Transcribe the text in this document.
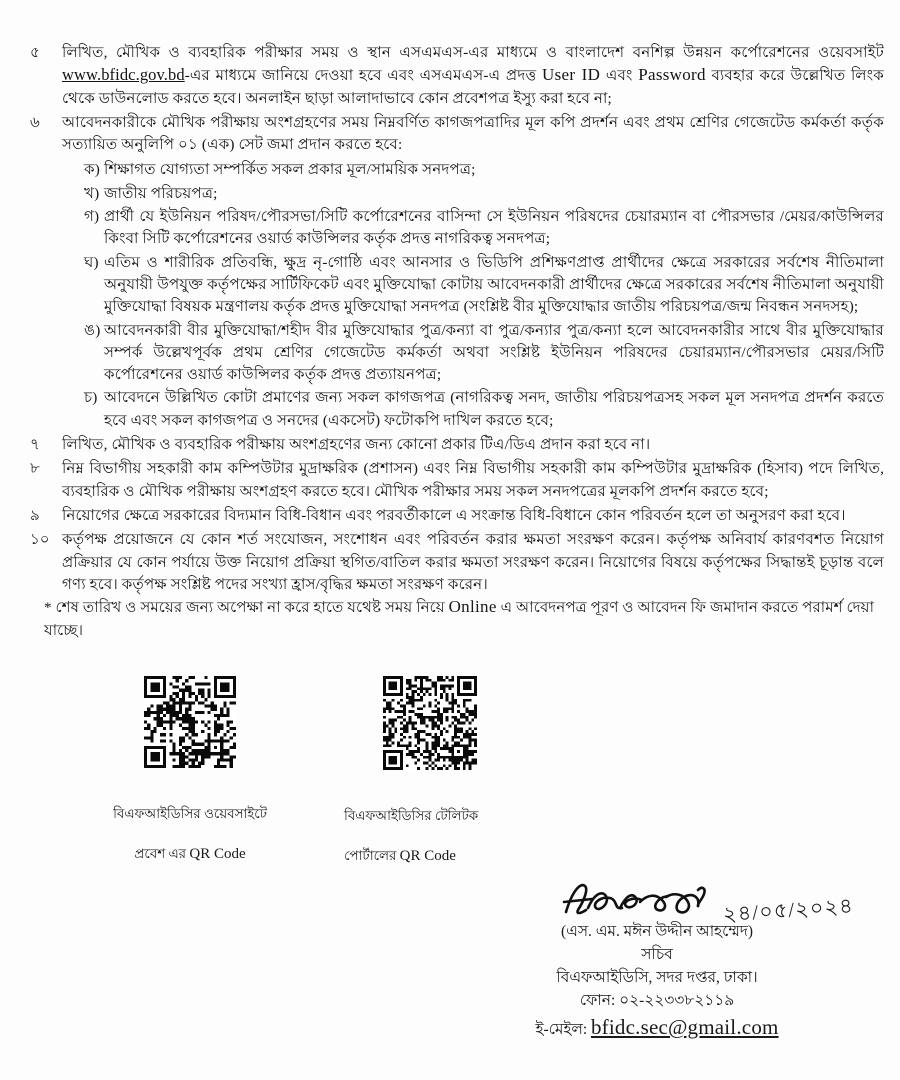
৫	লিখিত, মৌখিক ও ব্যবহারিক পরীক্ষার সময় ও স্থান এসএমএস-এর মাধ্যমে ও বাংলাদেশ বনশিল্প উন্নয়ন কর্পোরেশনের ওয়েবসাইট www.bfidc.gov.bd-এর মাধ্যমে জানিয়ে দেওয়া হবে এবং এসএমএস-এ প্রদত্ত User ID এবং Password ব্যবহার করে উল্লেখিত লিংক থেকে ডাউনলোড করতে হবে। অনলাইন ছাড়া আলাদাভাবে কোন প্রবেশপত্র ইস্যু করা হবে না;
৬	আবেদনকারীকে মৌখিক পরীক্ষায় অংশগ্রহণের সময় নিম্নবর্ণিত কাগজপত্রাদির মূল কপি প্রদর্শন এবং প্রথম শ্রেণির গেজেটেড কর্মকর্তা কর্তৃক সত্যায়িত অনুলিপি ০১ (এক) সেট জমা প্রদান করতে হবে:
ক) শিক্ষাগত যোগ্যতা সম্পর্কিত সকল প্রকার মূল/সাময়িক সনদপত্র;
খ) জাতীয় পরিচয়পত্র;
গ) প্রার্থী যে ইউনিয়ন পরিষদ/পৌরসভা/সিটি কর্পোরেশনের বাসিন্দা সে ইউনিয়ন পরিষদের চেয়ারম্যান বা পৌরসভার /মেয়র/কাউন্সিলর কিংবা সিটি কর্পোরেশনের ওয়ার্ড কাউন্সিলর কর্তৃক প্রদত্ত নাগরিকত্ব সনদপত্র;
ঘ) এতিম ও শারীরিক প্রতিবন্ধি, ক্ষুদ্র নৃ-গোষ্ঠি এবং আনসার ও ভিডিপি প্রশিক্ষণপ্রাপ্ত প্রার্থীদের ক্ষেত্রে সরকারের সর্বশেষ নীতিমালা অনুযায়ী উপযুক্ত কর্তৃপক্ষের সার্টিফিকেট এবং মুক্তিযোদ্ধা কোটায় আবেদনকারী প্রার্থীদের ক্ষেত্রে সরকারের সর্বশেষ নীতিমালা অনুযায়ী মুক্তিযোদ্ধা বিষয়ক মন্ত্রণালয় কর্তৃক প্রদত্ত মুক্তিযোদ্ধা সনদপত্র (সংশ্লিষ্ট বীর মুক্তিযোদ্ধার জাতীয় পরিচয়পত্র/জন্ম নিবন্ধন সনদসহ);
ঙ) আবেদনকারী বীর মুক্তিযোদ্ধা/শহীদ বীর মুক্তিযোদ্ধার পুত্র/কন্যা বা পুত্র/কন্যার পুত্র/কন্যা হলে আবেদনকারীর সাথে বীর মুক্তিযোদ্ধার সম্পর্ক উল্লেখপূর্বক প্রথম শ্রেণির গেজেটেড কর্মকর্তা অথবা সংশ্লিষ্ট ইউনিয়ন পরিষদের চেয়ারম্যান/পৌরসভার মেয়র/সিটি কর্পোরেশনের ওয়ার্ড কাউন্সিলর কর্তৃক প্রদত্ত প্রত্যায়নপত্র;
চ) আবেদনে উল্লিখিত কোটা প্রমাণের জন্য সকল কাগজপত্র (নাগরিকত্ব সনদ, জাতীয় পরিচয়পত্রসহ সকল মূল সনদপত্র প্রদর্শন করতে হবে এবং সকল কাগজপত্র ও সনদের (একসেট) ফটোকপি দাখিল করতে হবে;
৭	লিখিত, মৌখিক ও ব্যবহারিক পরীক্ষায় অংশগ্রহণের জন্য কোনো প্রকার টিএ/ডিএ প্রদান করা হবে না।
৮	নিম্ন বিভাগীয় সহকারী কাম কম্পিউটার মুদ্রাক্ষরিক (প্রশাসন) এবং নিম্ন বিভাগীয় সহকারী কাম কম্পিউটার মুদ্রাক্ষরিক (হিসাব) পদে লিখিত, ব্যবহারিক ও মৌখিক পরীক্ষায় অংশগ্রহণ করতে হবে। মৌখিক পরীক্ষার সময় সকল সনদপত্রের মূলকপি প্রদর্শন করতে হবে;
৯	নিয়োগের ক্ষেত্রে সরকারের বিদ্যমান বিধি-বিধান এবং পরবর্তীকালে এ সংক্রান্ত বিধি-বিধানে কোন পরিবর্তন হলে তা অনুসরণ করা হবে।
১০ কর্তৃপক্ষ প্রয়োজনে যে কোন শর্ত সংযোজন, সংশোধন এবং পরিবর্তন করার ক্ষমতা সংরক্ষণ করেন। কর্তৃপক্ষ অনিবার্য কারণবশত নিয়োগ প্রক্রিয়ার যে কোন পর্যায়ে উক্ত নিয়োগ প্রক্রিয়া স্থগিত/বাতিল করার ক্ষমতা সংরক্ষণ করেন। নিয়োগের বিষয়ে কর্তৃপক্ষের সিদ্ধান্তই চূড়ান্ত বলে গণ্য হবে। কর্তৃপক্ষ সংশ্লিষ্ট পদের সংখ্যা হ্রাস/বৃদ্ধির ক্ষমতা সংরক্ষণ করেন।
* শেষ তারিখ ও সময়ের জন্য অপেক্ষা না করে হাতে যথেষ্ট সময় নিয়ে Online এ আবেদনপত্র পূরণ ও আবেদন ফি জমাদান করতে পরামর্শ দেয়া যাচ্ছে।

বিএফআইডিসির ওয়েবসাইটে

প্রবেশ এর QR Code

বিএফআইডিসির টেলিটক

পোর্টালের QR Code

২৪/০৫/২০২৪
(এস. এম. মঈন উদ্দীন আহম্মেদ)
সচিব
বিএফআইডিসি, সদর দপ্তর, ঢাকা।
ফোন: ০২-২২৩৩৮২১১৯
ই-মেইল: bfidc.sec@gmail.com
